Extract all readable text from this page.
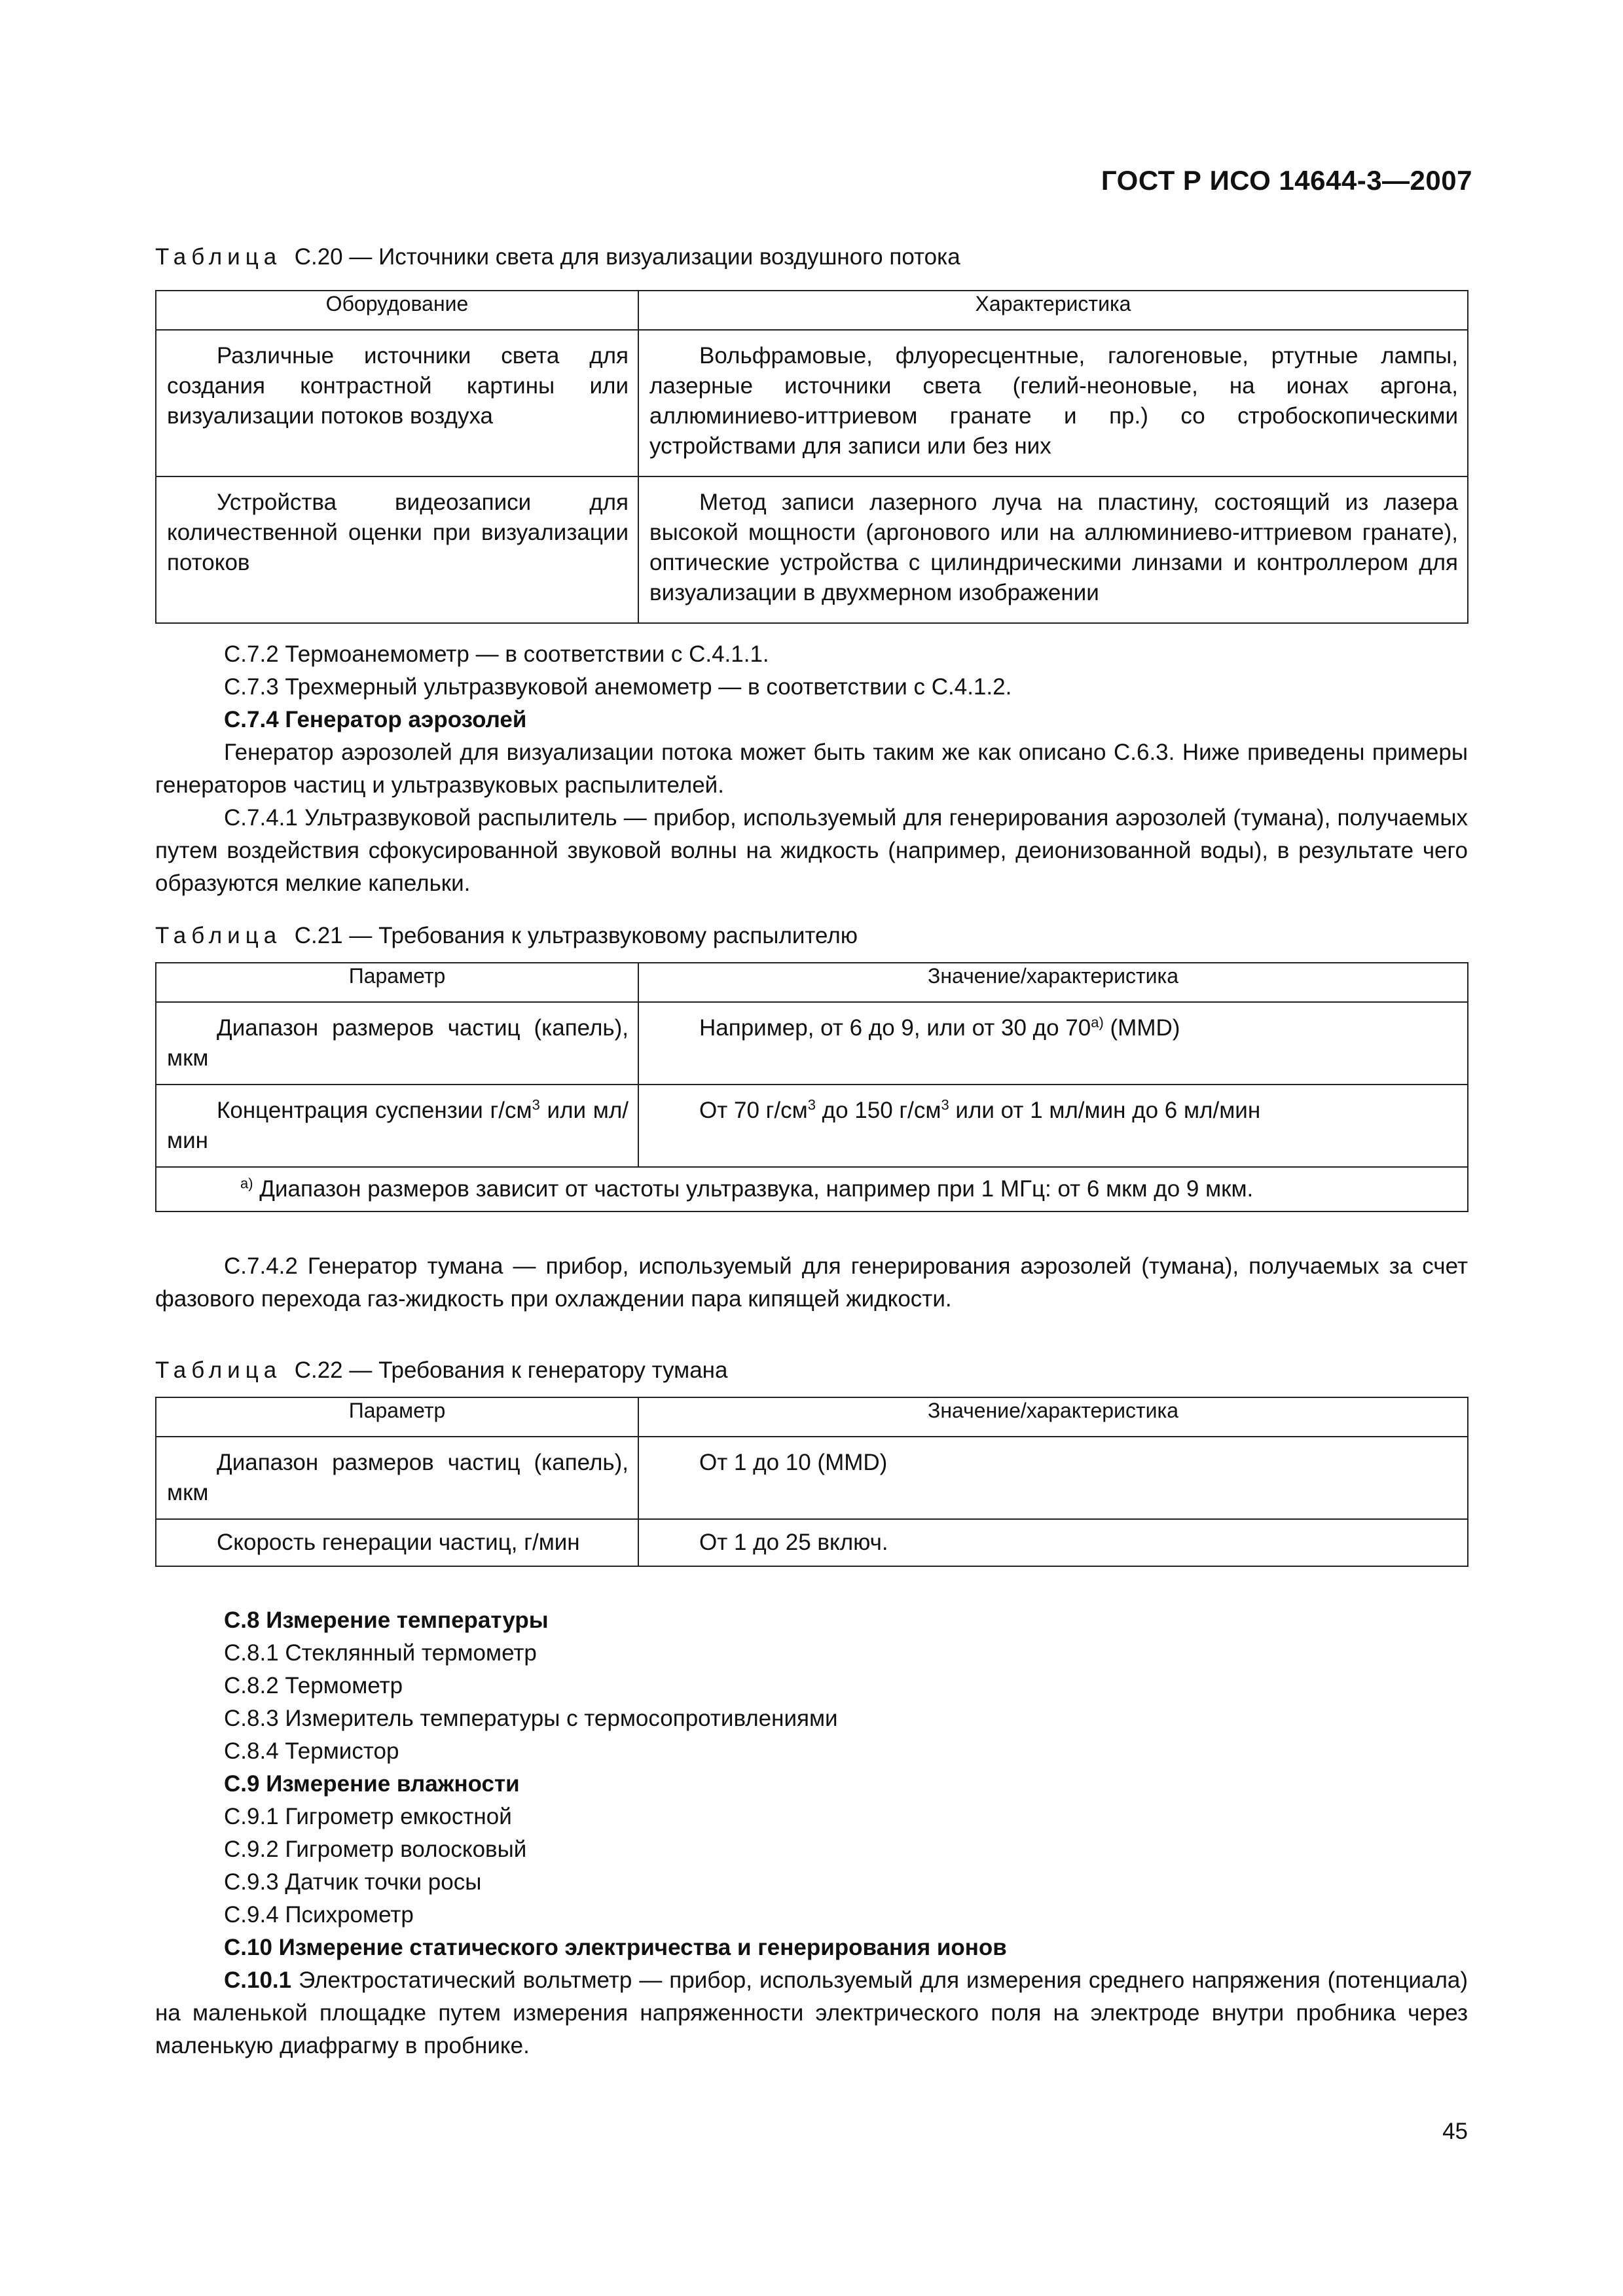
ГОСТ Р ИСО 14644-3—2007
Таблица C.20 — Источники света для визуализации воздушного потока
Оборудование	Характеристика

Различные источники света для создания контрастной картины или визуализации потоков воздуха	Вольфрамовые, флуоресцентные, галогеновые, ртутные лампы, лазерные источники света (гелий-неоновые, на ионах аргона, аллюминиево-иттриевом гранате и пр.) со стробоскопическими устройствами для записи или без них

Устройства видеозаписи для количественной оценки при визуализации потоков	Метод записи лазерного луча на пластину, состоящий из лазера высокой мощности (аргонового или на аллюминиево-иттриевом гранате), оптические устройства с цилиндрическими линзами и контроллером для визуализации в двухмерном изображении

C.7.2 Термоанемометр — в соответствии с C.4.1.1.

C.7.3 Трехмерный ультразвуковой анемометр — в соответствии с C.4.1.2.

C.7.4 Генератор аэрозолей

Генератор аэрозолей для визуализации потока может быть таким же как описано C.6.3. Ниже приведены примеры генераторов частиц и ультразвуковых распылителей.

C.7.4.1 Ультразвуковой распылитель — прибор, используемый для генерирования аэрозолей (тумана), получаемых путем воздействия сфокусированной звуковой волны на жидкость (например, деионизованной воды), в результате чего образуются мелкие капельки.

Таблица C.21 — Требования к ультразвуковому распылителю
Параметр	Значение/характеристика

Диапазон размеров частиц (капель), мкм	Например, от 6 до 9, или от 30 до $70^{а)}$ (MMD)

Концентрация суспензии $г/см^3$ или мл/мин	От 70 $г/см^3$ до 150 $г/см^3$ или от 1 мл/мин до 6 мл/мин

$^{а)}$ Диапазон размеров зависит от частоты ультразвука, например при 1 МГц: от 6 мкм до 9 мкм.	

C.7.4.2 Генератор тумана — прибор, используемый для генерирования аэрозолей (тумана), получаемых за счет фазового перехода газ-жидкость при охлаждении пара кипящей жидкости.

Таблица C.22 — Требования к генератору тумана
Параметр	Значение/характеристика

Диапазон размеров частиц (капель), мкм	От 1 до 10 (MMD)

Скорость генерации частиц, г/мин	От 1 до 25 включ.

C.8 Измерение температуры

C.8.1 Стеклянный термометр

C.8.2 Термометр

C.8.3 Измеритель температуры с термосопротивлениями

C.8.4 Термистор

C.9 Измерение влажности

C.9.1 Гигрометр емкостной

C.9.2 Гигрометр волосковый

C.9.3 Датчик точки росы

C.9.4 Психрометр

C.10 Измерение статического электричества и генерирования ионов

C.10.1 Электростатический вольтметр — прибор, используемый для измерения среднего напряжения (потенциала) на маленькой площадке путем измерения напряженности электрического поля на электроде внутри пробника через маленькую диафрагму в пробнике.

45
